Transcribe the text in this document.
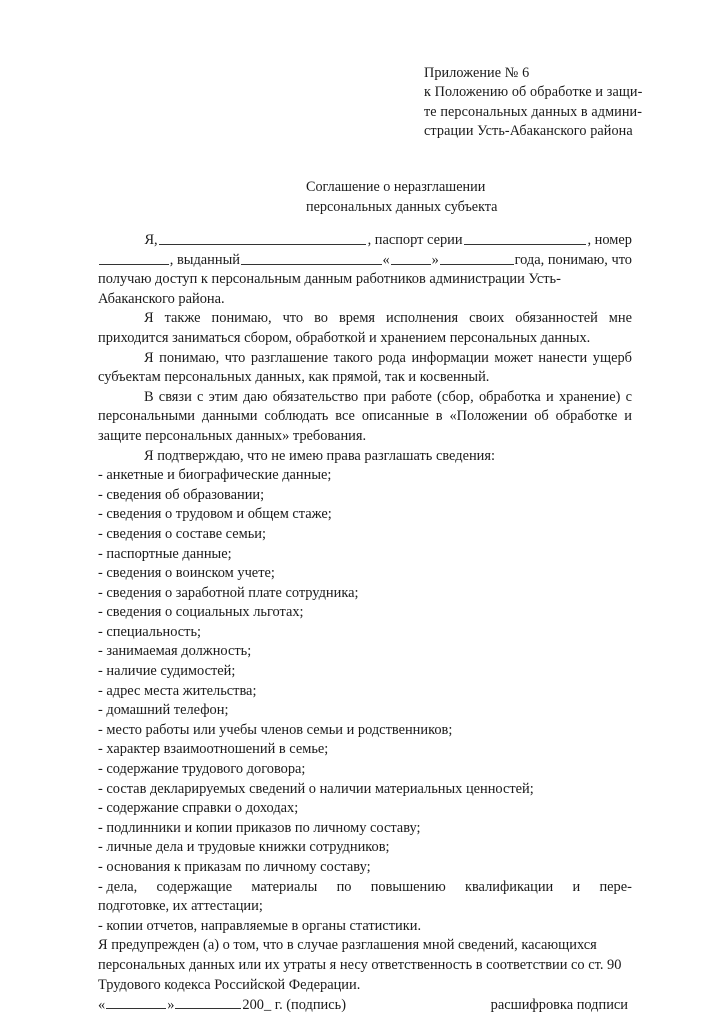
Приложение № 6
к Положению об обработке и защи-
те персональных данных в админи-
страции Усть-Абаканского района
Соглашение о неразглашении
персональных данных субъекта
Я,	, паспорт серии	, номер
, выданный	«	»	года, понимаю, что
получаю доступ к персональным данным работников администрации Усть-
Абаканского района.

Я также понимаю, что во время исполнения своих обязанностей мне приходится заниматься сбором, обработкой и хранением персональных данных.

Я понимаю, что разглашение такого рода информации может нанести ущерб субъектам персональных данных, как прямой, так и косвенный.

В связи с этим даю обязательство при работе (сбор, обработка и хранение) с персональными данными соблюдать все описанные в «Положении об обработке и защите персональных данных» требования.

Я подтверждаю, что не имею права разглашать сведения:

- анкетные и биографические данные;
- сведения об образовании;
- сведения о трудовом и общем стаже;
- сведения о составе семьи;
- паспортные данные;
- сведения о воинском учете;
- сведения о заработной плате сотрудника;
- сведения о социальных льготах;
- специальность;
- занимаемая должность;
- наличие судимостей;
- адрес места жительства;
- домашний телефон;
- место работы или учебы членов семьи и родственников;
- характер взаимоотношений в семье;
- содержание трудового договора;
- состав декларируемых сведений о наличии материальных ценностей;
- содержание справки о доходах;
- подлинники и копии приказов по личному составу;
- личные дела и трудовые книжки сотрудников;
- основания к приказам по личному составу;
- дела, содержащие материалы по повышению квалификации и пере-
подготовке, их аттестации;
- копии отчетов, направляемые в органы статистики.
Я предупрежден (а) о том, что в случае разглашения мной сведений, касающихся
персональных данных или их утраты я несу ответственность в соответствии со ст. 90
Трудового кодекса Российской Федерации.
«	»	200_ г. (подпись)	расшифровка подписи
